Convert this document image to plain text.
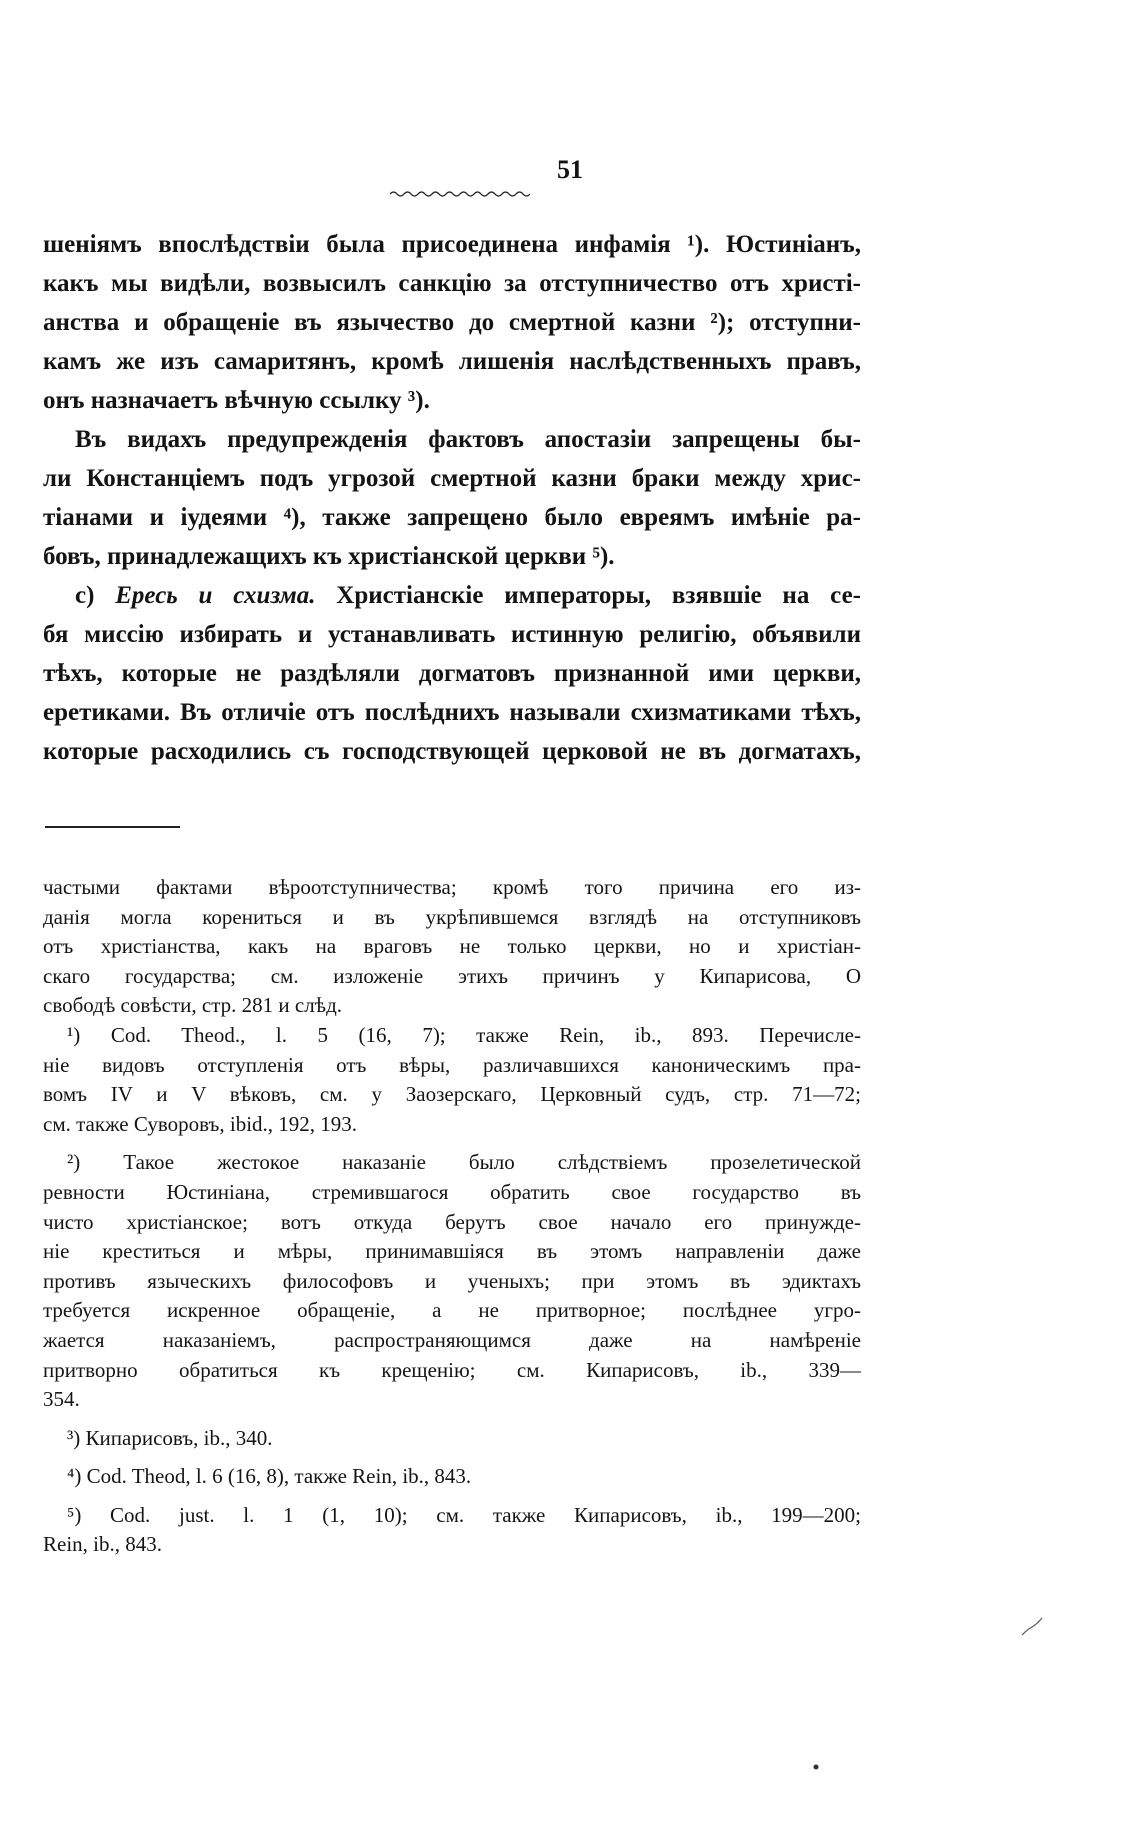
51
шеніямъ впослѣдствіи была присоединена инфамія ¹). Юстиніанъ,
какъ мы видѣли, возвысилъ санкцію за отступничество отъ христі-
анства и обращеніе въ язычество до смертной казни ²); отступни-
камъ же изъ самаритянъ, кромѣ лишенія наслѣдственныхъ правъ,
онъ назначаетъ вѣчную ссылку ³).
Въ видахъ предупрежденія фактовъ апостазіи запрещены бы-
ли Констанціемъ подъ угрозой смертной казни браки между хрис-
тіанами и іудеями ⁴), также запрещено было евреямъ имѣніе ра-
бовъ, принадлежащихъ къ христіанской церкви ⁵).
c) Ересь и схизма. Христіанскіе императоры, взявшіе на се-
бя миссію избирать и устанавливать истинную религію, объявили
тѣхъ, которые не раздѣляли догматовъ признанной ими церкви,
еретиками. Въ отличіе отъ послѣднихъ называли схизматиками тѣхъ,
которые расходились съ господствующей церковой не въ догматахъ,
частыми фактами вѣроотступничества; кромѣ того причина его из-
данія могла корениться и въ укрѣпившемся взглядѣ на отступниковъ
отъ христіанства, какъ на враговъ не только церкви, но и христіан-
скаго государства; см. изложеніе этихъ причинъ у Кипарисова, О
свободѣ совѣсти, стр. 281 и слѣд.
¹) Cod. Theod., l. 5 (16, 7); также Rein, ib., 893. Перечисле-
ніе видовъ отступленія отъ вѣры, различавшихся каноническимъ пра-
вомъ IV и V вѣковъ, см. у Заозерскаго, Церковный судъ, стр. 71—72;
см. также Суворовъ, ibid., 192, 193.
²) Такое жестокое наказаніе было слѣдствіемъ прозелетической
ревности Юстиніана, стремившагося обратить свое государство въ
чисто христіанское; вотъ откуда берутъ свое начало его принужде-
ніе креститься и мѣры, принимавшіяся въ этомъ направленіи даже
противъ языческихъ философовъ и ученыхъ; при этомъ въ эдиктахъ
требуется искренное обращеніе, а не притворное; послѣднее угро-
жается наказаніемъ, распространяющимся даже на намѣреніе
притворно обратиться къ крещенію; см. Кипарисовъ, ib., 339—
354.
³) Кипарисовъ, ib., 340.
⁴) Cod. Theod, l. 6 (16, 8), также Rein, ib., 843.
⁵) Cod. just. l. 1 (1, 10); см. также Кипарисовъ, ib., 199—200;
Rein, ib., 843.
